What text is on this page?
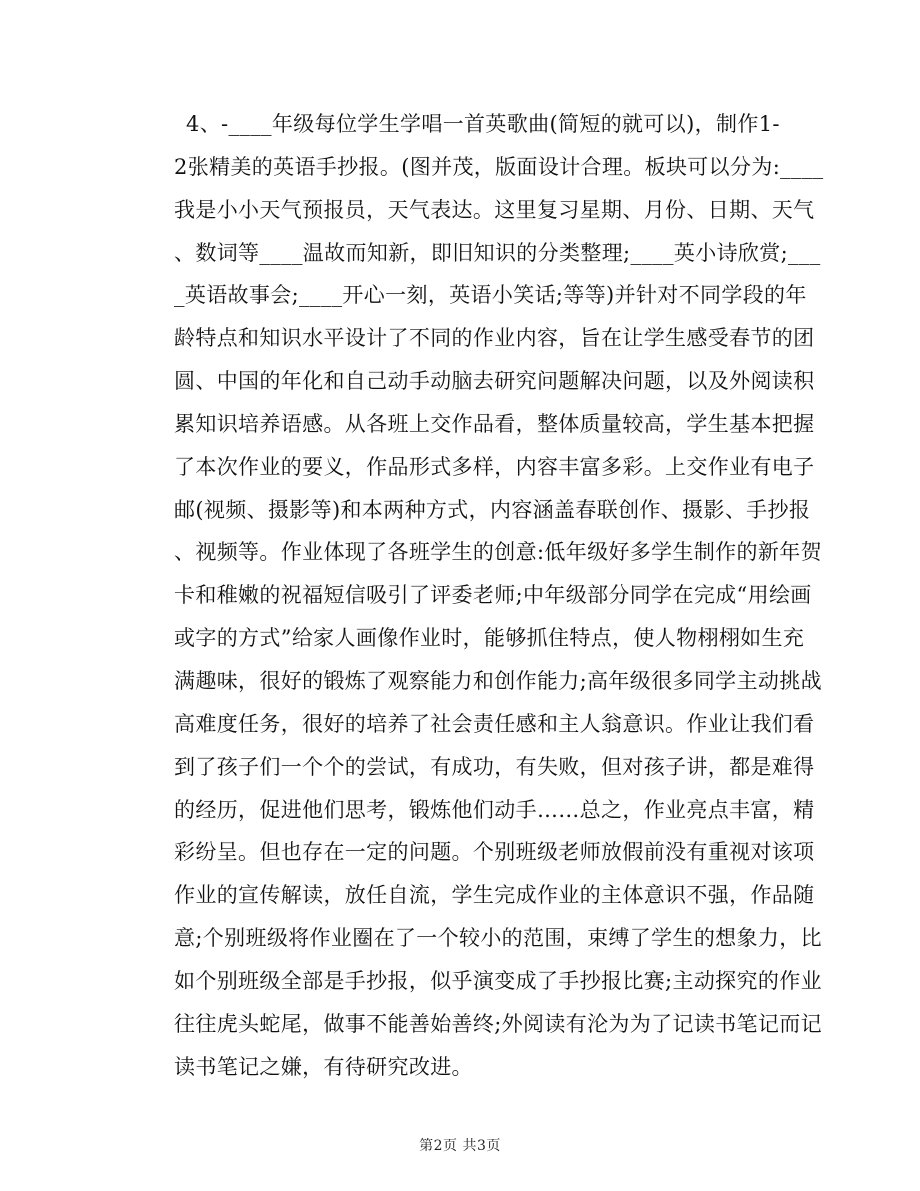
4、-____年级每位学生学唱一首英歌曲(简短的就可以)，制作1-
2张精美的英语手抄报。(图并茂，版面设计合理。板块可以分为:____
我是小小天气预报员，天气表达。这里复习星期、月份、日期、天气
、数词等____温故而知新，即旧知识的分类整理;____英小诗欣赏;___
_英语故事会;____开心一刻，英语小笑话;等等)并针对不同学段的年
龄特点和知识水平设计了不同的作业内容，旨在让学生感受春节的团
圆、中国的年化和自己动手动脑去研究问题解决问题，以及外阅读积
累知识培养语感。从各班上交作品看，整体质量较高，学生基本把握
了本次作业的要义，作品形式多样，内容丰富多彩。上交作业有电子
邮(视频、摄影等)和本两种方式，内容涵盖春联创作、摄影、手抄报
、视频等。作业体现了各班学生的创意:低年级好多学生制作的新年贺
卡和稚嫩的祝福短信吸引了评委老师;中年级部分同学在完成“用绘画
或字的方式”给家人画像作业时，能够抓住特点，使人物栩栩如生充
满趣味，很好的锻炼了观察能力和创作能力;高年级很多同学主动挑战
高难度任务，很好的培养了社会责任感和主人翁意识。作业让我们看
到了孩子们一个个的尝试，有成功，有失败，但对孩子讲，都是难得
的经历，促进他们思考，锻炼他们动手……总之，作业亮点丰富，精
彩纷呈。但也存在一定的问题。个别班级老师放假前没有重视对该项
作业的宣传解读，放任自流，学生完成作业的主体意识不强，作品随
意;个别班级将作业圈在了一个较小的范围，束缚了学生的想象力，比
如个别班级全部是手抄报，似乎演变成了手抄报比赛;主动探究的作业
往往虎头蛇尾，做事不能善始善终;外阅读有沦为为了记读书笔记而记
读书笔记之嫌，有待研究改进。
第2页 共3页
